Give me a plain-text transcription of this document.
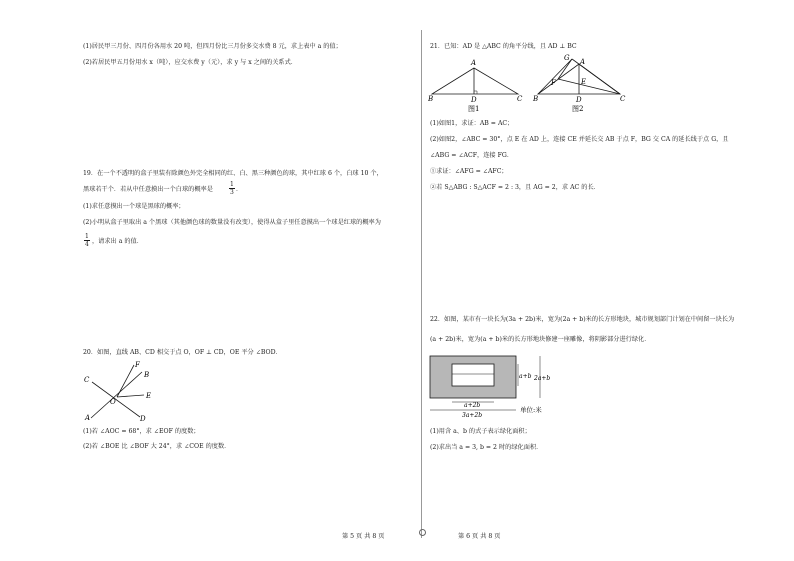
(1)居民甲三月份、四月份各用水 20 吨，但四月份比三月份多交水费 8 元，求上表中 a 的值；
(2)若居民甲五月份用水 x（吨），应交水费 y（元），求 y 与 x 之间的关系式．
19．在一个不透明的盒子里装有除颜色外完全相同的红、白、黑三种颜色的球，其中红球 6 个，白球 10 个，
黑球若干个．若从中任意摸出一个白球的概率是	$\frac{1}{3}$ ．
(1)求任意摸出一个球是黑球的概率；
(2)小明从盒子里取出 a 个黑球（其他颜色球的数量没有改变），使得从盒子里任意摸出一个球是红球的概率为
$\frac{1}{4}$ ，请求出 a 的值．
20．如图，直线 AB、CD 相交于点 O，OF ⊥ CD，OE 平分 ∠BOD．
C
F
B
O
E
A	D
(1)若 ∠AOC = 68°，求 ∠EOF 的度数；
(2)若 ∠BOE 比 ∠BOF 大 24°，求 ∠COE 的度数．
21．已知：AD 是 △ABC 的角平分线，且 AD ⊥ BC
A
B	D	C
图1
G A
E
F
B	D	C
图2
(1)如图1，求证：AB = AC；
(2)如图2，∠ABC = 30°，点 E 在 AD 上，连接 CE 并延长交 AB 于点 F，BG 交 CA 的延长线于点 G，且
∠ABG = ∠ACF，连接 FG．
①求证：∠AFG = ∠AFC；
②若 S△ABG : S△ACF = 2 : 3，且 AG = 2，求 AC 的长．
22．如图，某市有一块长为(3a + 2b)米，宽为(2a + b)米的长方形地块，城市规划部门计划在中间留一块长为
(a + 2b)米，宽为(a + b)米的长方形地块修建一座雕像，将阴影部分进行绿化．
a+b 2a+b
a+2b
3a+2b
单位:米
(1)用含 a、b 的式子表示绿化面积；
(2)求出当 a = 3, b = 2 时的绿化面积．
第 5 页 共 8 页	第 6 页 共 8 页
